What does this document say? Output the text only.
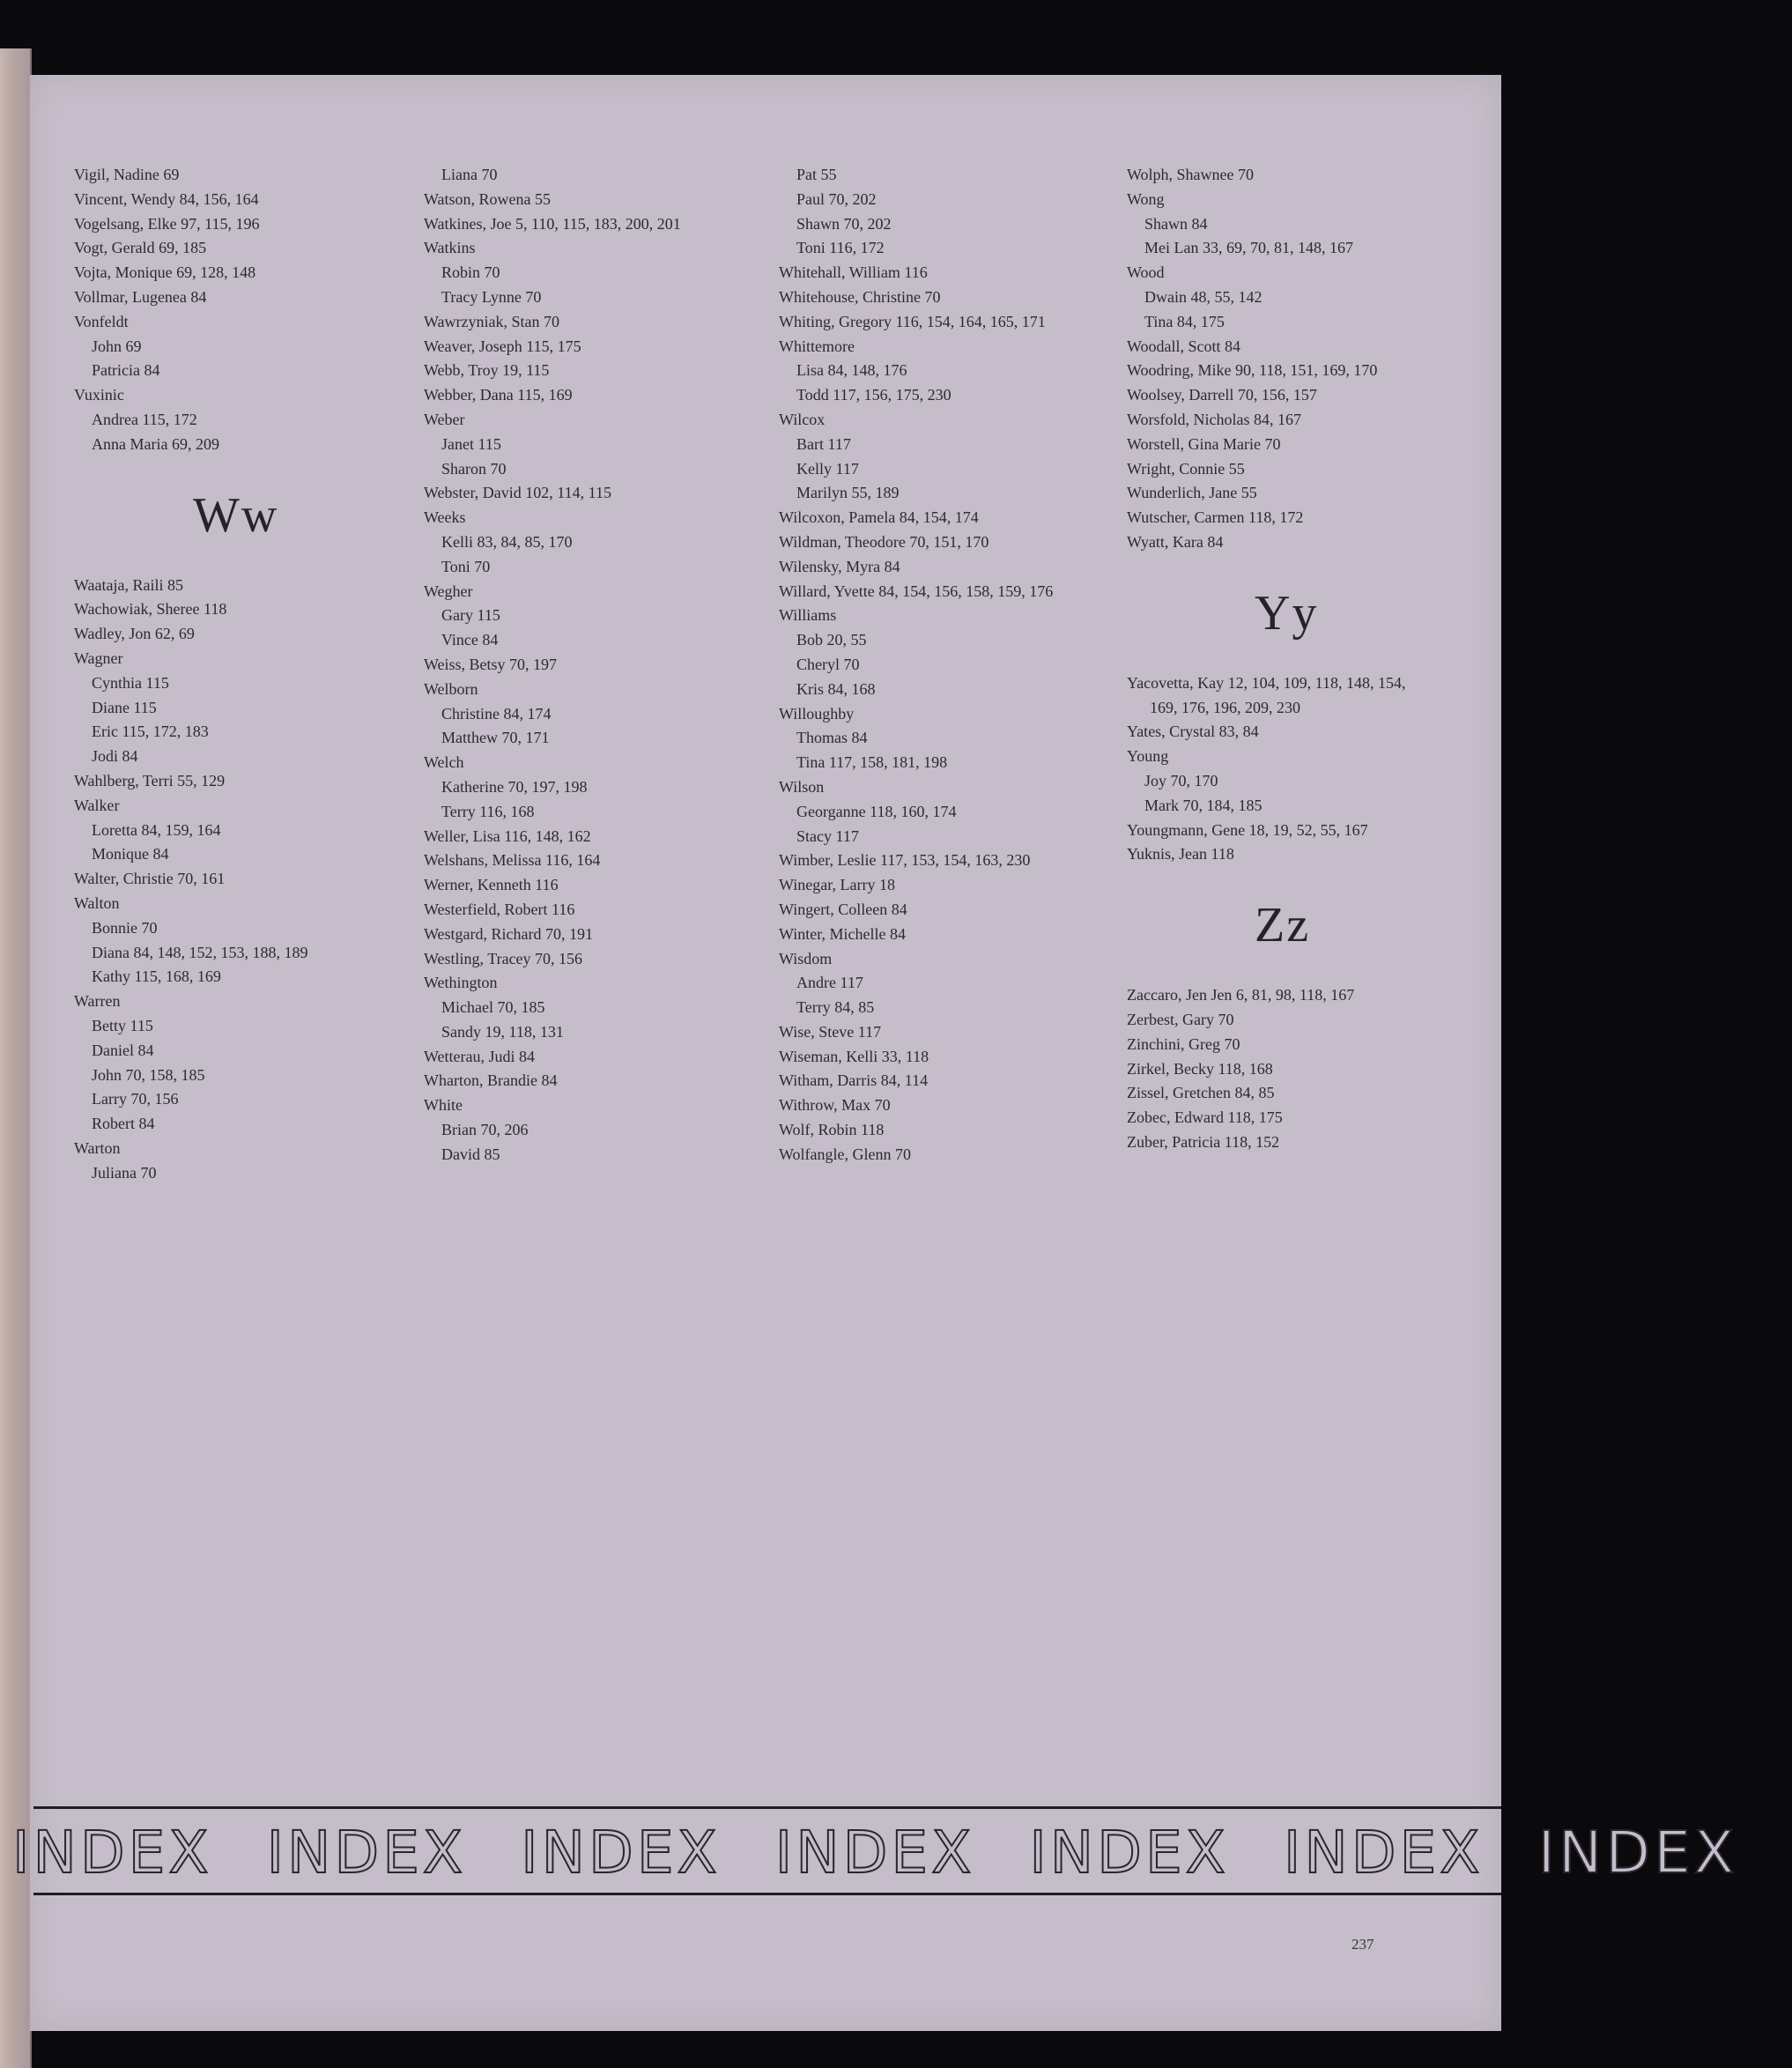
Vigil, Nadine 69
Vincent, Wendy 84, 156, 164
Vogelsang, Elke 97, 115, 196
Vogt, Gerald 69, 185
Vojta, Monique 69, 128, 148
Vollmar, Lugenea 84
Vonfeldt
John 69
Patricia 84
Vuxinic
Andrea 115, 172
Anna Maria 69, 209
Ww
Waataja, Raili 85
Wachowiak, Sheree 118
Wadley, Jon 62, 69
Wagner
Cynthia 115
Diane 115
Eric 115, 172, 183
Jodi 84
Wahlberg, Terri 55, 129
Walker
Loretta 84, 159, 164
Monique 84
Walter, Christie 70, 161
Walton
Bonnie 70
Diana 84, 148, 152, 153, 188, 189
Kathy 115, 168, 169
Warren
Betty 115
Daniel 84
John 70, 158, 185
Larry 70, 156
Robert 84
Warton
Juliana 70
Liana 70
Watson, Rowena 55
Watkines, Joe 5, 110, 115, 183, 200, 201
Watkins
Robin 70
Tracy Lynne 70
Wawrzyniak, Stan 70
Weaver, Joseph 115, 175
Webb, Troy 19, 115
Webber, Dana 115, 169
Weber
Janet 115
Sharon 70
Webster, David 102, 114, 115
Weeks
Kelli 83, 84, 85, 170
Toni 70
Wegher
Gary 115
Vince 84
Weiss, Betsy 70, 197
Welborn
Christine 84, 174
Matthew 70, 171
Welch
Katherine 70, 197, 198
Terry 116, 168
Weller, Lisa 116, 148, 162
Welshans, Melissa 116, 164
Werner, Kenneth 116
Westerfield, Robert 116
Westgard, Richard 70, 191
Westling, Tracey 70, 156
Wethington
Michael 70, 185
Sandy 19, 118, 131
Wetterau, Judi 84
Wharton, Brandie 84
White
Brian 70, 206
David 85
Pat 55
Paul 70, 202
Shawn 70, 202
Toni 116, 172
Whitehall, William 116
Whitehouse, Christine 70
Whiting, Gregory 116, 154, 164, 165, 171
Whittemore
Lisa 84, 148, 176
Todd 117, 156, 175, 230
Wilcox
Bart 117
Kelly 117
Marilyn 55, 189
Wilcoxon, Pamela 84, 154, 174
Wildman, Theodore 70, 151, 170
Wilensky, Myra 84
Willard, Yvette 84, 154, 156, 158, 159, 176
Williams
Bob 20, 55
Cheryl 70
Kris 84, 168
Willoughby
Thomas 84
Tina 117, 158, 181, 198
Wilson
Georganne 118, 160, 174
Stacy 117
Wimber, Leslie 117, 153, 154, 163, 230
Winegar, Larry 18
Wingert, Colleen 84
Winter, Michelle 84
Wisdom
Andre 117
Terry 84, 85
Wise, Steve 117
Wiseman, Kelli 33, 118
Witham, Darris 84, 114
Withrow, Max 70
Wolf, Robin 118
Wolfangle, Glenn 70
Wolph, Shawnee 70
Wong
Shawn 84
Mei Lan 33, 69, 70, 81, 148, 167
Wood
Dwain 48, 55, 142
Tina 84, 175
Woodall, Scott 84
Woodring, Mike 90, 118, 151, 169, 170
Woolsey, Darrell 70, 156, 157
Worsfold, Nicholas 84, 167
Worstell, Gina Marie 70
Wright, Connie 55
Wunderlich, Jane 55
Wutscher, Carmen 118, 172
Wyatt, Kara 84
Yy
Yacovetta, Kay 12, 104, 109, 118, 148, 154,
169, 176, 196, 209, 230
Yates, Crystal 83, 84
Young
Joy 70, 170
Mark 70, 184, 185
Youngmann, Gene 18, 19, 52, 55, 167
Yuknis, Jean 118
Zz
Zaccaro, Jen Jen 6, 81, 98, 118, 167
Zerbest, Gary 70
Zinchini, Greg 70
Zirkel, Becky 118, 168
Zissel, Gretchen 84, 85
Zobec, Edward 118, 175
Zuber, Patricia 118, 152
INDEX INDEX INDEX INDEX INDEX INDEX INDEX
237
